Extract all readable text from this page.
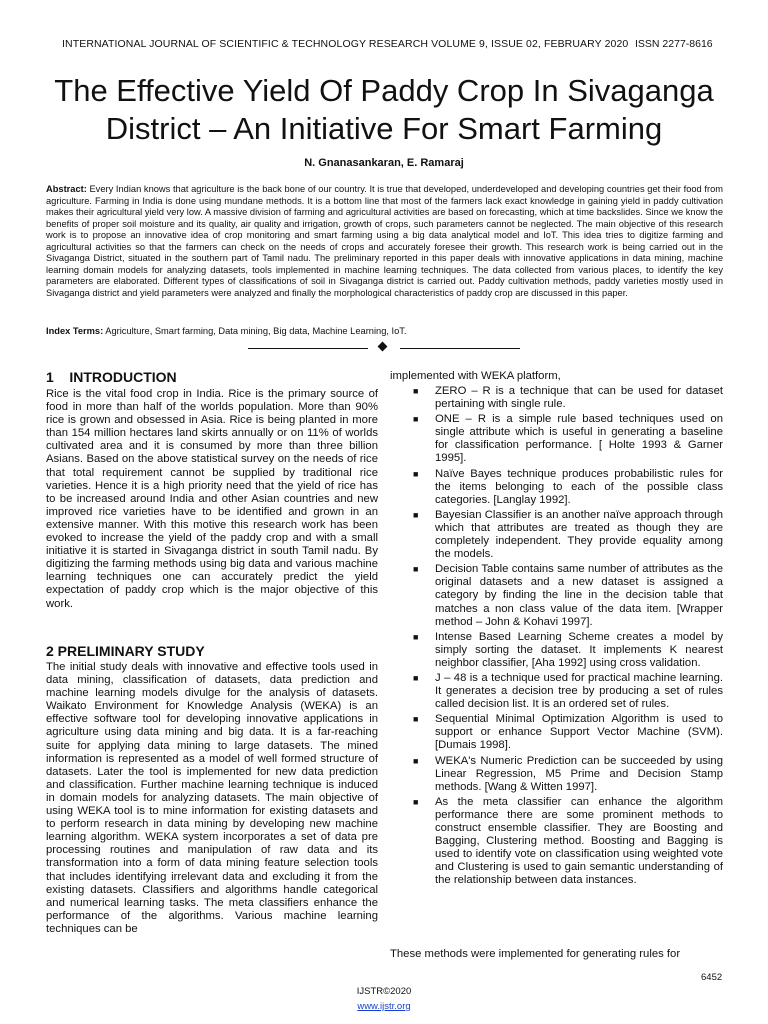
INTERNATIONAL JOURNAL OF SCIENTIFIC & TECHNOLOGY RESEARCH VOLUME 9, ISSUE 02, FEBRUARY 2020 ISSN 2277-8616
The Effective Yield Of Paddy Crop In Sivaganga
District – An Initiative For Smart Farming
N. Gnanasankaran, E. Ramaraj

Abstract: Every Indian knows that agriculture is the back bone of our country. It is true that developed, underdeveloped and developing countries get their food from agriculture. Farming in India is done using mundane methods. It is a bottom line that most of the farmers lack exact knowledge in gaining yield in paddy cultivation makes their agricultural yield very low. A massive division of farming and agricultural activities are based on forecasting, which at time backslides. Since we know the benefits of proper soil moisture and its quality, air quality and irrigation, growth of crops, such parameters cannot be neglected. The main objective of this research work is to propose an innovative idea of crop monitoring and smart farming using a big data analytical model and IoT. This idea tries to digitize farming and agricultural activities so that the farmers can check on the needs of crops and accurately foresee their growth. This research work is being carried out in the Sivaganga District, situated in the southern part of Tamil nadu. The preliminary reported in this paper deals with innovative applications in data mining, machine learning domain models for analyzing datasets, tools implemented in machine learning techniques. The data collected from various places, to identify the key parameters are elaborated. Different types of classifications of soil in Sivaganga district is carried out. Paddy cultivation methods, paddy varieties mostly used in Sivaganga district and yield parameters were analyzed and finally the morphological characteristics of paddy crop are discussed in this paper.

Index Terms: Agriculture, Smart farming, Data mining, Big data, Machine Learning, IoT.
1    INTRODUCTION

Rice is the vital food crop in India. Rice is the primary source of food in more than half of the worlds population. More than 90% rice is grown and obsessed in Asia. Rice is being planted in more than 154 million hectares land skirts annually or on 11% of worlds cultivated area and it is consumed by more than three billion Asians. Based on the above statistical survey on the needs of rice that total requirement cannot be supplied by traditional rice varieties. Hence it is a high priority need that the yield of rice has to be increased around India and other Asian countries and new improved rice varieties have to be identified and grown in an extensive manner. With this motive this research work has been evoked to increase the yield of the paddy crop and with a small initiative it is started in Sivaganga district in south Tamil nadu. By digitizing the farming methods using big data and various machine learning techniques one can accurately predict the yield expectation of paddy crop which is the major objective of this work.

2 PRELIMINARY STUDY

The initial study deals with innovative and effective tools used in data mining, classification of datasets, data prediction and machine learning models divulge for the analysis of datasets. Waikato Environment for Knowledge Analysis (WEKA) is an effective software tool for developing innovative applications in agriculture using data mining and big data. It is a far-reaching suite for applying data mining to large datasets. The mined information is represented as a model of well formed structure of datasets. Later the tool is implemented for new data prediction and classification. Further machine learning technique is induced in domain models for analyzing datasets. The main objective of using WEKA tool is to mine information for existing datasets and to perform research in data mining by developing new machine learning algorithm. WEKA system incorporates a set of data pre processing routines and manipulation of raw data and its transformation into a form of data mining feature selection tools that includes identifying irrelevant data and excluding it from the existing datasets. Classifiers and algorithms handle categorical and numerical learning tasks. The meta classifiers enhance the performance of the algorithms. Various machine learning techniques can be

implemented with WEKA platform,

■ ZERO – R is a technique that can be used for dataset pertaining with single rule.
■ ONE – R is a simple rule based techniques used on single attribute which is useful in generating a baseline for classification performance. [ Holte 1993 & Garner 1995].
■ Naïve Bayes technique produces probabilistic rules for the items belonging to each of the possible class categories. [Langlay 1992].
■ Bayesian Classifier is an another naïve approach through which that attributes are treated as though they are completely independent. They provide equality among the models.
■ Decision Table contains same number of attributes as the original datasets and a new dataset is assigned a category by finding the line in the decision table that matches a non class value of the data item. [Wrapper method – John & Kohavi 1997].
■ Intense Based Learning Scheme creates a model by simply sorting the dataset. It implements K nearest neighbor classifier, [Aha 1992] using cross validation.
■ J – 48 is a technique used for practical machine learning. It generates a decision tree by producing a set of rules called decision list. It is an ordered set of rules.
■ Sequential Minimal Optimization Algorithm is used to support or enhance Support Vector Machine (SVM). [Dumais 1998].
■ WEKA's Numeric Prediction can be succeeded by using Linear Regression, M5 Prime and Decision Stamp methods. [Wang & Witten 1997].
■ As the meta classifier can enhance the algorithm performance there are some prominent methods to construct ensemble classifier. They are Boosting and Bagging, Clustering method. Boosting and Bagging is used to identify vote on classification using weighted vote and Clustering is used to gain semantic understanding of the relationship between data instances.

These methods were implemented for generating rules for

6452
IJSTR©2020
www.ijstr.org
